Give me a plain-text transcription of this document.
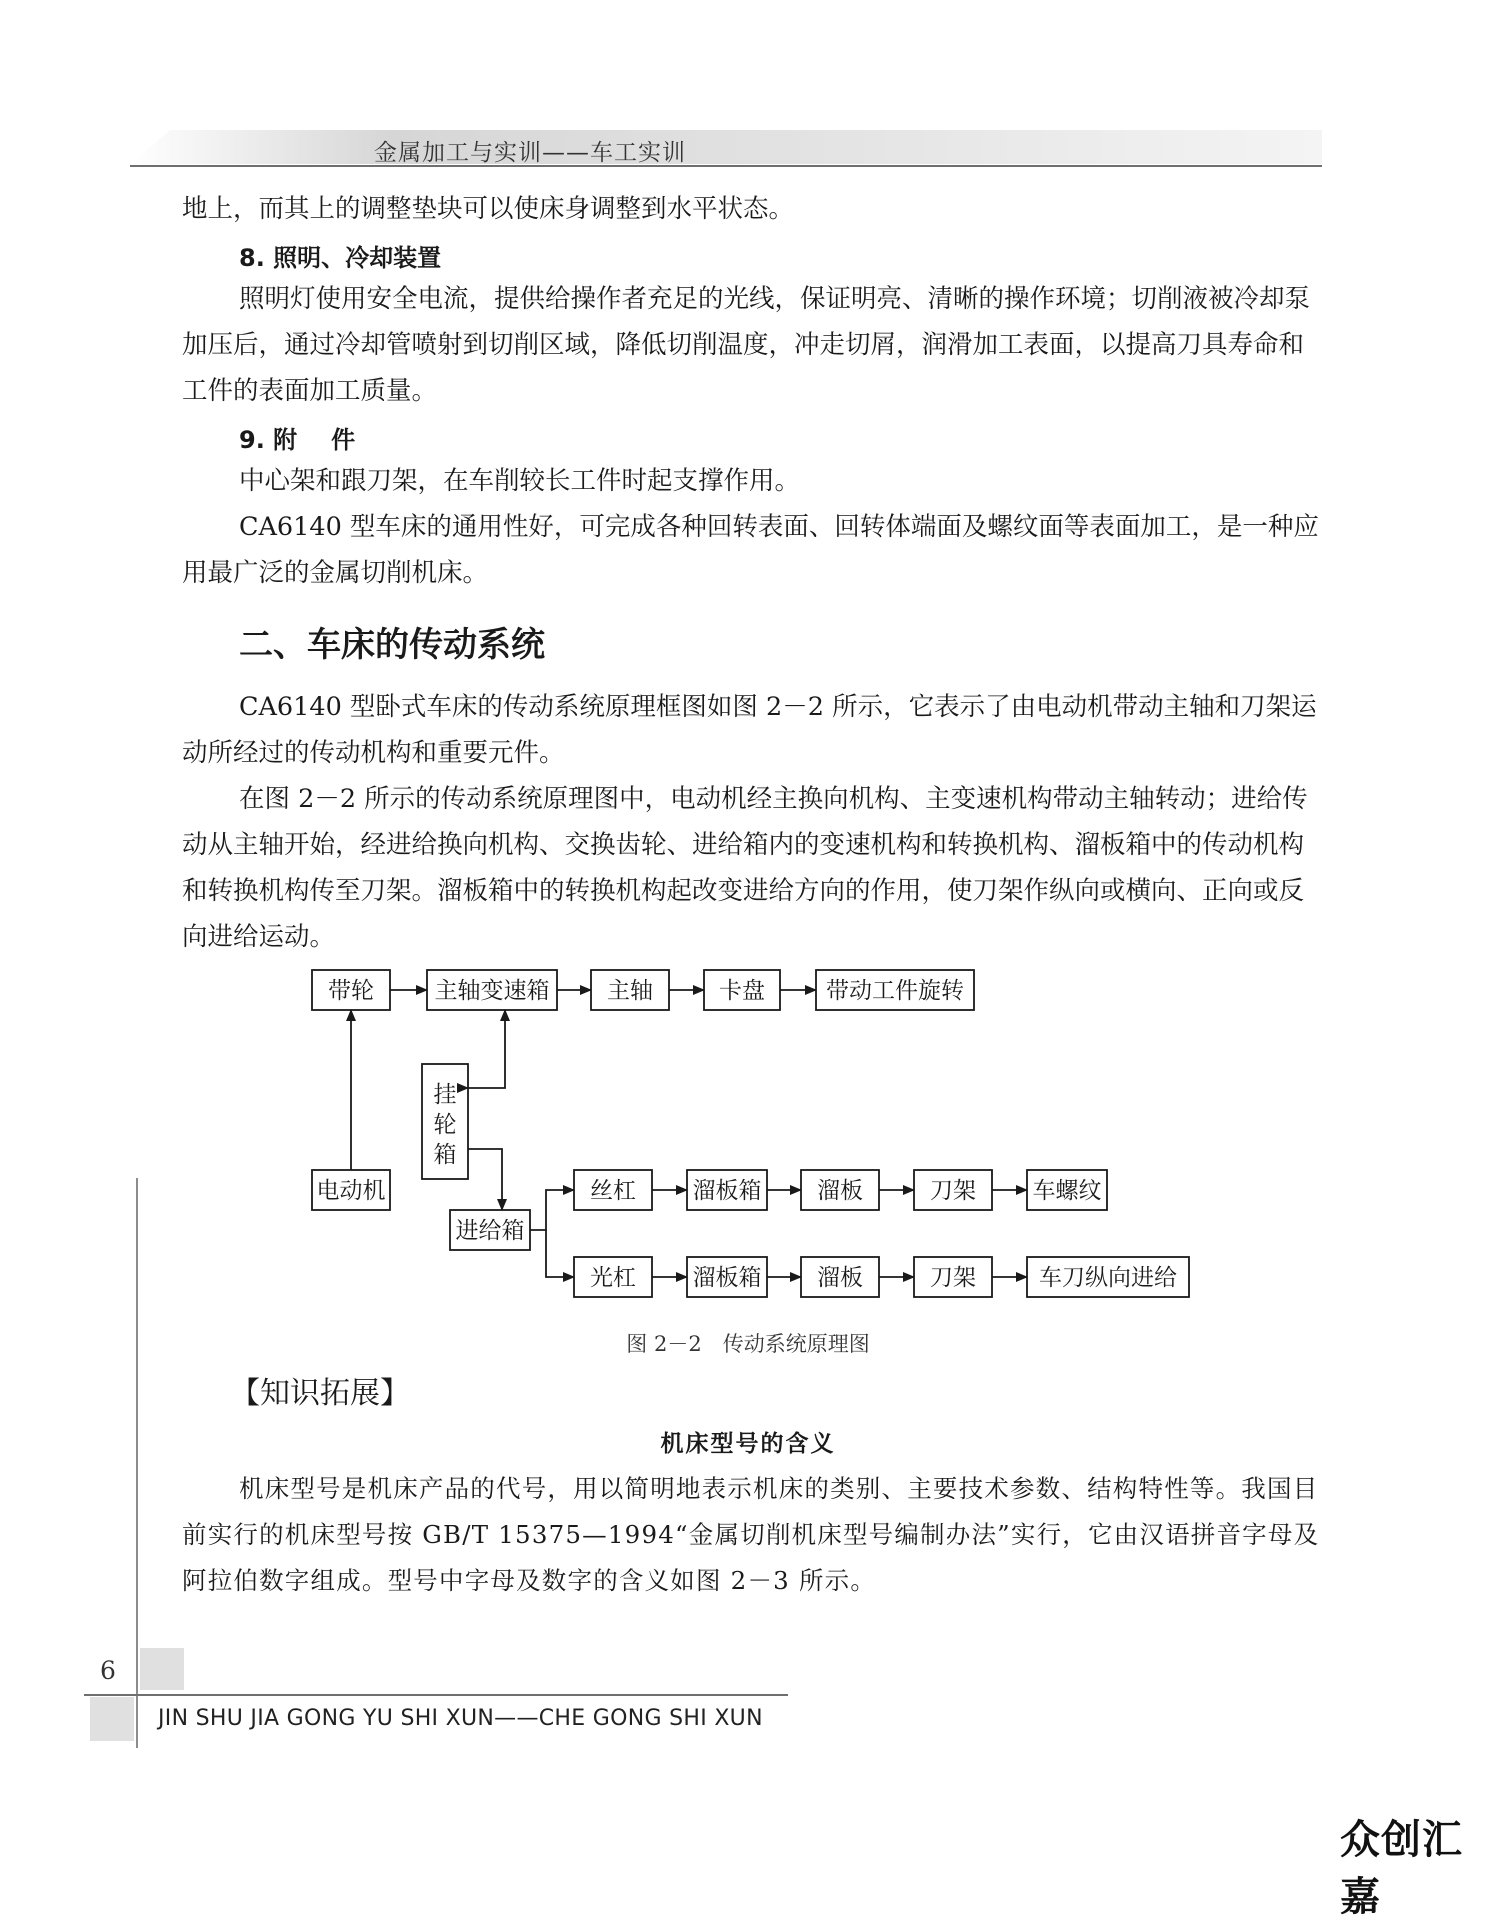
金属加工与实训——车工实训
地上，而其上的调整垫块可以使床身调整到水平状态。
8. 照明、冷却装置
照明灯使用安全电流，提供给操作者充足的光线，保证明亮、清晰的操作环境；切削液被冷却泵加压后，通过冷却管喷射到切削区域，降低切削温度，冲走切屑，润滑加工表面，以提高刀具寿命和工件的表面加工质量。
9. 附 件
中心架和跟刀架，在车削较长工件时起支撑作用。
CA6140 型车床的通用性好，可完成各种回转表面、回转体端面及螺纹面等表面加工，是一种应用最广泛的金属切削机床。
二、车床的传动系统
CA6140 型卧式车床的传动系统原理框图如图 2－2 所示，它表示了由电动机带动主轴和刀架运动所经过的传动机构和重要元件。
在图 2－2 所示的传动系统原理图中，电动机经主换向机构、主变速机构带动主轴转动；进给传动从主轴开始，经进给换向机构、交换齿轮、进给箱内的变速机构和转换机构、溜板箱中的传动机构和转换机构传至刀架。溜板箱中的转换机构起改变进给方向的作用，使刀架作纵向或横向、正向或反向进给运动。
带轮	主轴变速箱	主轴	卡盘	带动工件旋转
挂
轮
箱
电动机
进给箱
丝杠 溜板箱 溜板	刀架 车螺纹
光杠 溜板箱 溜板	刀架	车刀纵向进给
图 2－2　传动系统原理图
【知识拓展】
机床型号的含义
机床型号是机床产品的代号，用以简明地表示机床的类别、主要技术参数、结构特性等。我国目前实行的机床型号按 GB/T 15375—1994“金属切削机床型号编制办法”实行，它由汉语拼音字母及阿拉伯数字组成。型号中字母及数字的含义如图 2－3 所示。
6
JIN SHU JIA GONG YU SHI XUN——CHE GONG SHI XUN
众创汇嘉
